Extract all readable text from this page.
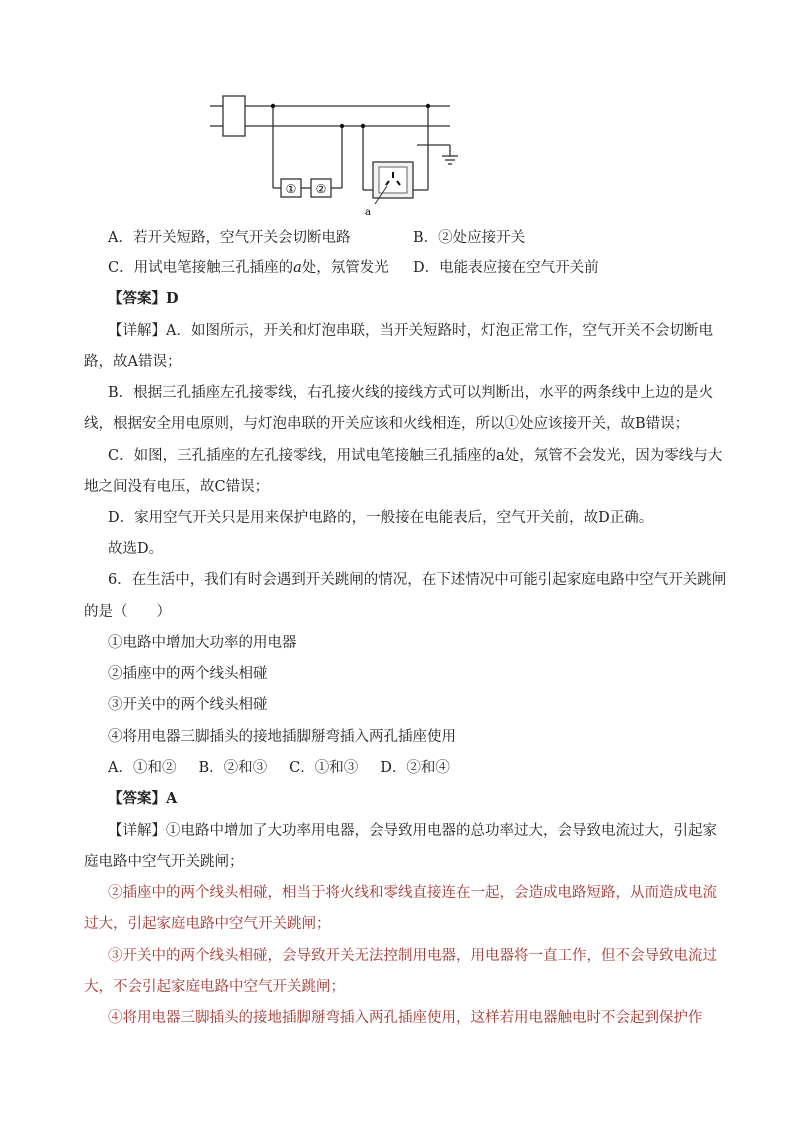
① ②
a
A．若开关短路，空气开关会切断电路	B．②处应接开关
C．用试电笔接触三孔插座的a处，氖管发光 D．电能表应接在空气开关前
【答案】D
【详解】A．如图所示，开关和灯泡串联，当开关短路时，灯泡正常工作，空气开关不会切断电
路，故A错误；
B．根据三孔插座左孔接零线，右孔接火线的接线方式可以判断出，水平的两条线中上边的是火
线，根据安全用电原则，与灯泡串联的开关应该和火线相连，所以①处应该接开关，故B错误；
C．如图，三孔插座的左孔接零线，用试电笔接触三孔插座的a处，氖管不会发光，因为零线与大
地之间没有电压，故C错误；
D．家用空气开关只是用来保护电路的，一般接在电能表后，空气开关前，故D正确。
故选D。
6．在生活中，我们有时会遇到开关跳闸的情况，在下述情况中可能引起家庭电路中空气开关跳闸
的是（　　）
①电路中增加大功率的用电器
②插座中的两个线头相碰
③开关中的两个线头相碰
④将用电器三脚插头的接地插脚掰弯插入两孔插座使用
A．①和② B．②和③ C．①和③ D．②和④
【答案】A
【详解】①电路中增加了大功率用电器，会导致用电器的总功率过大，会导致电流过大，引起家
庭电路中空气开关跳闸；
②插座中的两个线头相碰，相当于将火线和零线直接连在一起，会造成电路短路，从而造成电流
过大，引起家庭电路中空气开关跳闸；
③开关中的两个线头相碰，会导致开关无法控制用电器，用电器将一直工作，但不会导致电流过
大，不会引起家庭电路中空气开关跳闸；
④将用电器三脚插头的接地插脚掰弯插入两孔插座使用，这样若用电器触电时不会起到保护作
